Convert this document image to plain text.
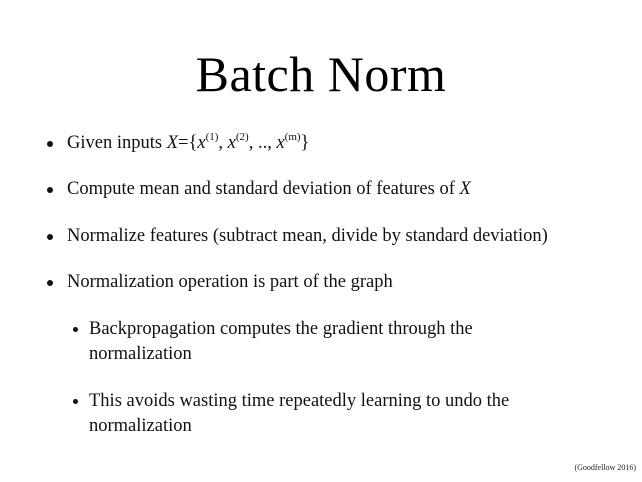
Batch Norm
Given inputs $X=\{x^{(1)}$, $x^{(2)}$, .., $x^{(m)}$}
Compute mean and standard deviation of features of X
Normalize features (subtract mean, divide by standard deviation)
Normalization operation is part of the graph
Backpropagation computes the gradient through the normalization
This avoids wasting time repeatedly learning to undo the normalization
(Goodfellow 2016)
